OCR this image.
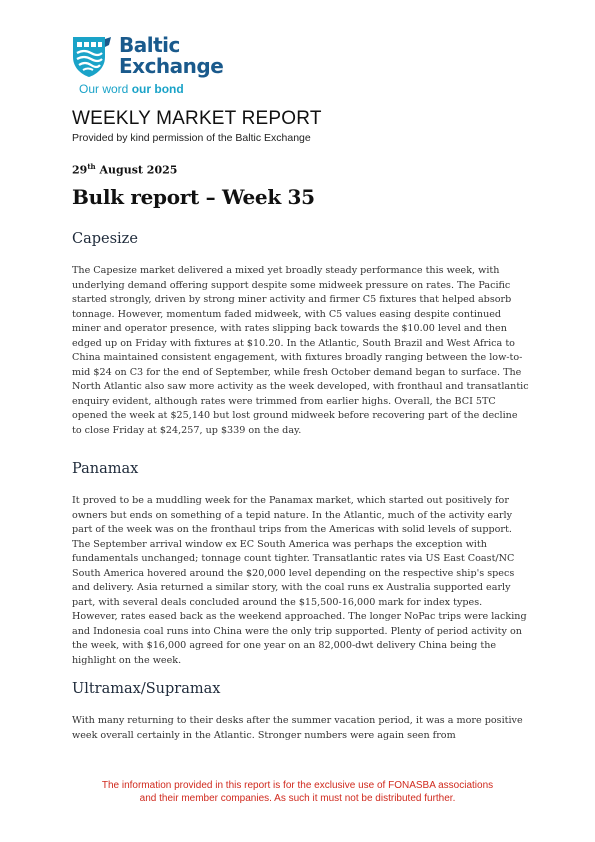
Baltic
Exchange
Our word our bond
WEEKLY MARKET REPORT
Provided by kind permission of the Baltic Exchange
29th August 2025
Bulk report – Week 35
Capesize
The Capesize market delivered a mixed yet broadly steady performance this week, with underlying demand offering support despite some midweek pressure on rates. The Pacific started strongly, driven by strong miner activity and firmer C5 fixtures that helped absorb tonnage. However, momentum faded midweek, with C5 values easing despite continued miner and operator presence, with rates slipping back towards the $10.00 level and then edged up on Friday with fixtures at $10.20. In the Atlantic, South Brazil and West Africa to China maintained consistent engagement, with fixtures broadly ranging between the low-to-mid $24 on C3 for the end of September, while fresh October demand began to surface. The North Atlantic also saw more activity as the week developed, with fronthaul and transatlantic enquiry evident, although rates were trimmed from earlier highs. Overall, the BCI 5TC opened the week at $25,140 but lost ground midweek before recovering part of the decline to close Friday at $24,257, up $339 on the day.
Panamax
It proved to be a muddling week for the Panamax market, which started out positively for owners but ends on something of a tepid nature. In the Atlantic, much of the activity early part of the week was on the fronthaul trips from the Americas with solid levels of support. The September arrival window ex EC South America was perhaps the exception with fundamentals unchanged; tonnage count tighter. Transatlantic rates via US East Coast/NC South America hovered around the $20,000 level depending on the respective ship's specs and delivery. Asia returned a similar story, with the coal runs ex Australia supported early part, with several deals concluded around the $15,500-16,000 mark for index types. However, rates eased back as the weekend approached. The longer NoPac trips were lacking and Indonesia coal runs into China were the only trip supported. Plenty of period activity on the week, with $16,000 agreed for one year on an 82,000-dwt delivery China being the highlight on the week.
Ultramax/Supramax
With many returning to their desks after the summer vacation period, it was a more positive week overall certainly in the Atlantic. Stronger numbers were again seen from
The information provided in this report is for the exclusive use of FONASBA associations
and their member companies. As such it must not be distributed further.
